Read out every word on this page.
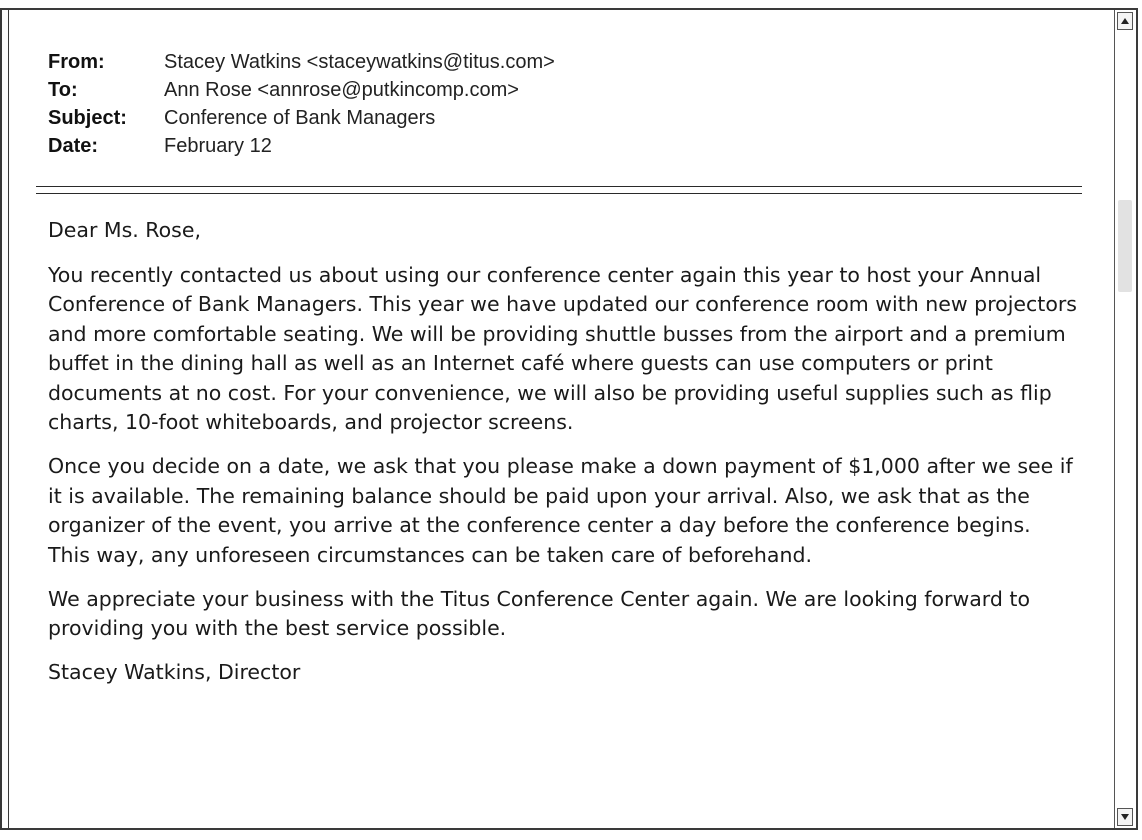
From:	Stacey Watkins <staceywatkins@titus.com>
To:	Ann Rose <annrose@putkincomp.com>
Subject:	Conference of Bank Managers
Date:	February 12

Dear Ms. Rose,

You recently contacted us about using our conference center again this year to host your Annual Conference of Bank Managers. This year we have updated our conference room with new projectors and more comfortable seating. We will be providing shuttle busses from the airport and a premium buffet in the dining hall as well as an Internet café where guests can use computers or print documents at no cost. For your convenience, we will also be providing useful supplies such as flip charts, 10-foot whiteboards, and projector screens.

Once you decide on a date, we ask that you please make a down payment of $1,000 after we see if it is available. The remaining balance should be paid upon your arrival. Also, we ask that as the organizer of the event, you arrive at the conference center a day before the conference begins. This way, any unforeseen circumstances can be taken care of beforehand.

We appreciate your business with the Titus Conference Center again. We are looking forward to providing you with the best service possible.

Stacey Watkins, Director
